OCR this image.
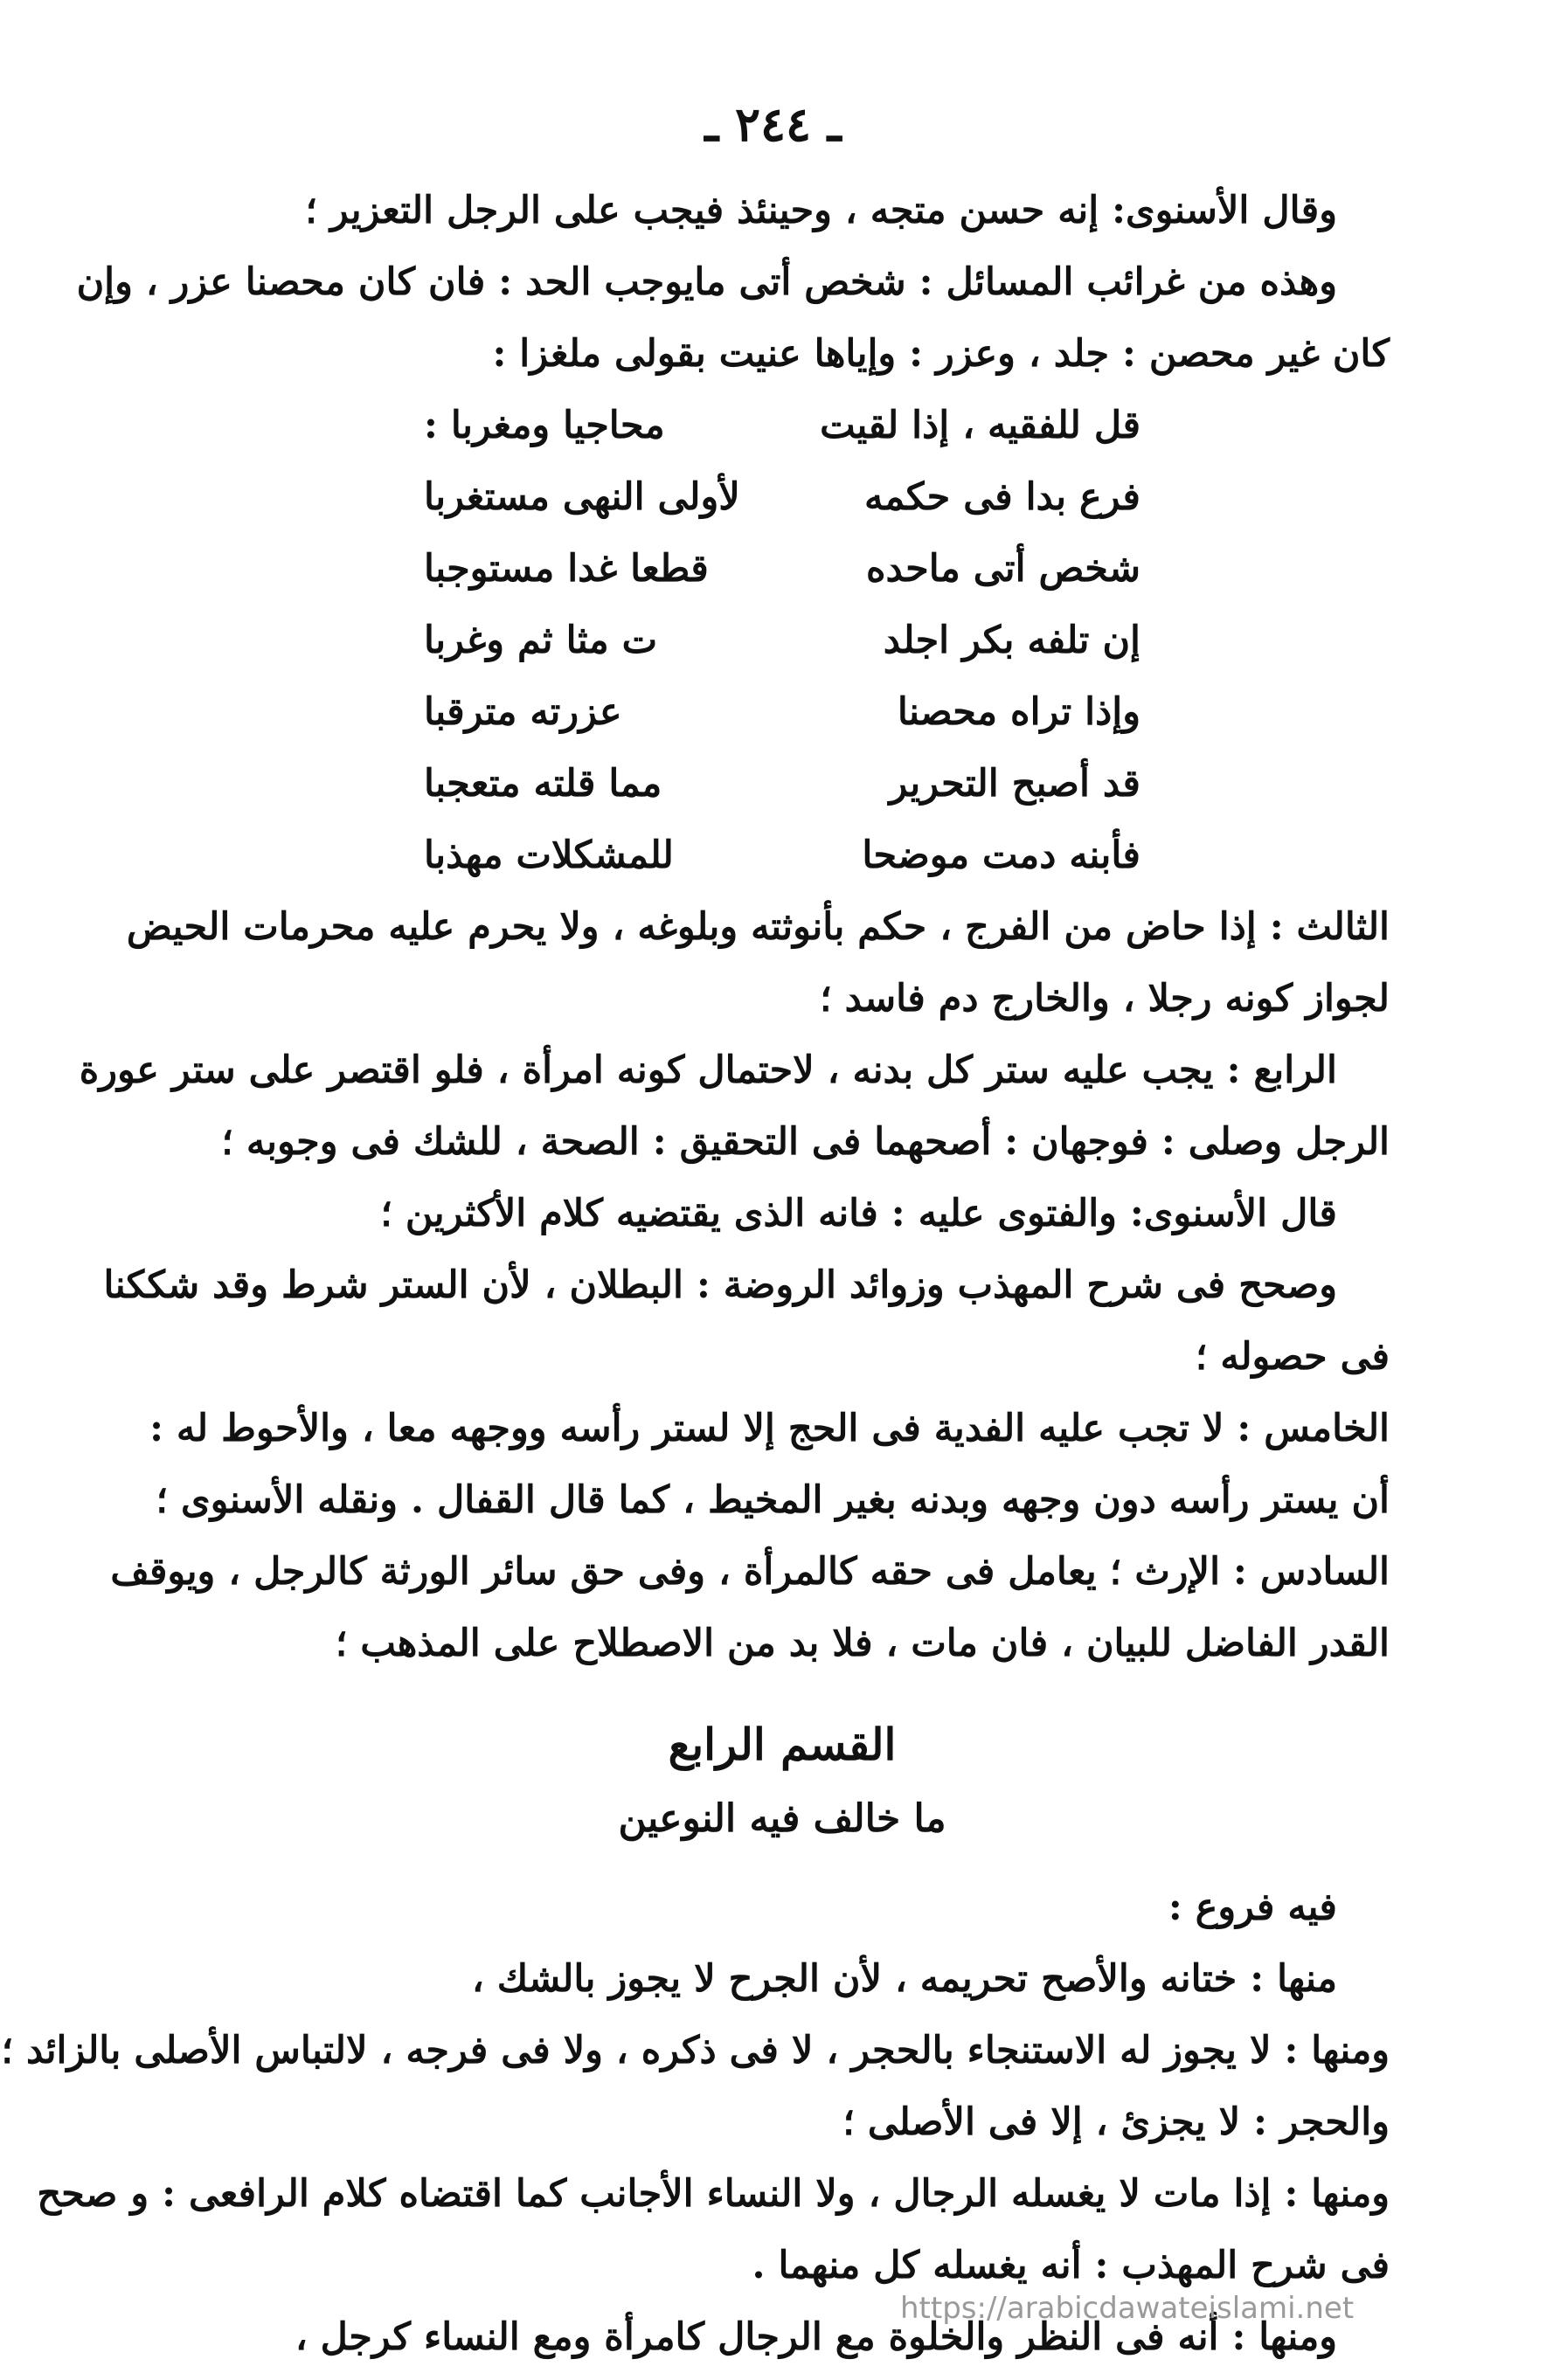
ـ ٢٤٤ ـ
وقال الأسنوى: إنه حسن متجه ، وحينئذ فيجب على الرجل التعزير ؛
وهذه من غرائب المسائل : شخص أتى مايوجب الحد : فان كان محصنا عزر ، وإن
كان غير محصن : جلد ، وعزر : وإياها عنيت بقولى ملغزا :
قل للفقيه ، إذا لقيت
محاجيا ومغربا :
فرع بدا فى حكمه
لأولى النهى مستغربا
شخص أتى ماحده
قطعا غدا مستوجبا
إن تلفه بكر اجلد
ت مثا ثم وغربا
وإذا تراه محصنا
عزرته مترقبا
قد أصبح التحرير
مما قلته متعجبا
فأبنه دمت موضحا
للمشكلات مهذبا
الثالث : إذا حاض من الفرج ، حكم بأنوثته وبلوغه ، ولا يحرم عليه محرمات الحيض
لجواز كونه رجلا ، والخارج دم فاسد ؛
الرابع : يجب عليه ستر كل بدنه ، لاحتمال كونه امرأة ، فلو اقتصر على ستر عورة
الرجل وصلى : فوجهان : أصحهما فى التحقيق : الصحة ، للشك فى وجوبه ؛
قال الأسنوى: والفتوى عليه : فانه الذى يقتضيه كلام الأكثرين ؛
وصحح فى شرح المهذب وزوائد الروضة : البطلان ، لأن الستر شرط وقد شككنا
فى حصوله ؛
الخامس : لا تجب عليه الفدية فى الحج إلا لستر رأسه ووجهه معا ، والأحوط له :
أن يستر رأسه دون وجهه وبدنه بغير المخيط ، كما قال القفال . ونقله الأسنوى ؛
السادس : الإرث ؛ يعامل فى حقه كالمرأة ، وفى حق سائر الورثة كالرجل ، ويوقف
القدر الفاضل للبيان ، فان مات ، فلا بد من الاصطلاح على المذهب ؛
القسم الرابع
ما خالف فيه النوعين
فيه فروع :
منها : ختانه والأصح تحريمه ، لأن الجرح لا يجوز بالشك ،
ومنها : لا يجوز له الاستنجاء بالحجر ، لا فى ذكره ، ولا فى فرجه ، لالتباس الأصلى بالزائد ؛
والحجر : لا يجزئ ، إلا فى الأصلى ؛
ومنها : إذا مات لا يغسله الرجال ، ولا النساء الأجانب كما اقتضاه كلام الرافعى : و صحح
فى شرح المهذب : أنه يغسله كل منهما .
ومنها : أنه فى النظر والخلوة مع الرجال كامرأة ومع النساء كرجل ،
https://arabicdawateislami.net
